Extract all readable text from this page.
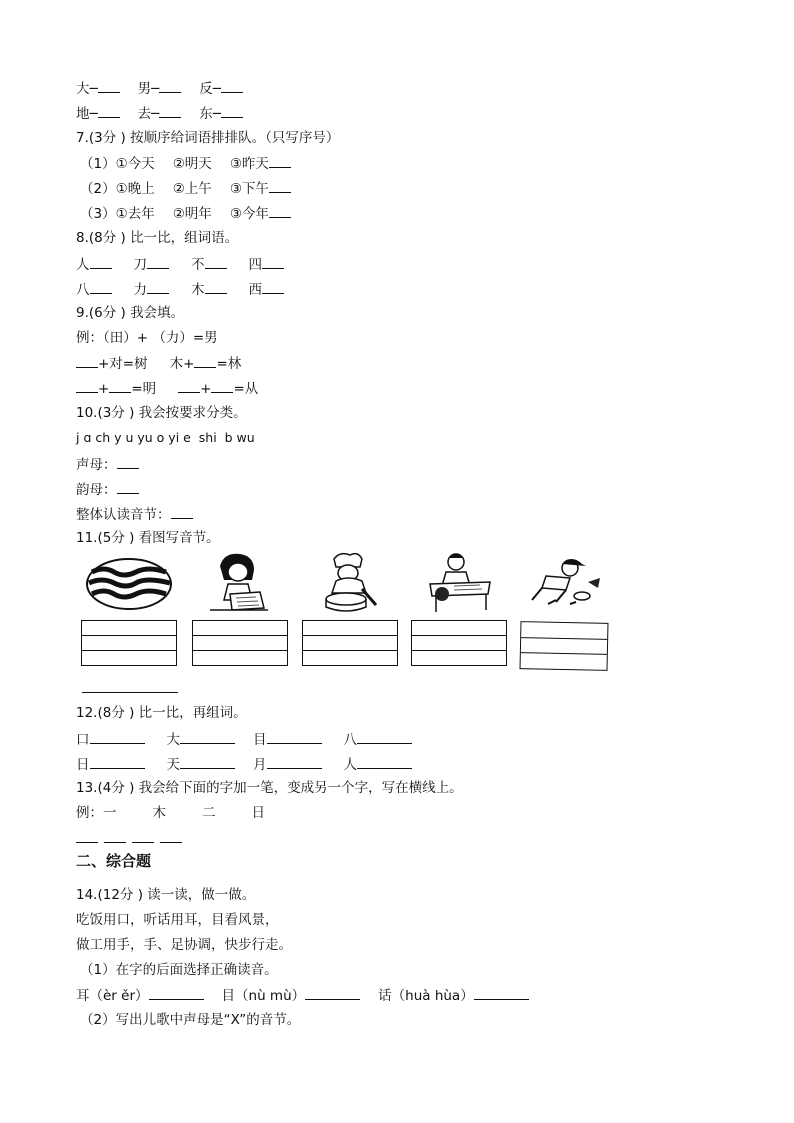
大─	男─	反─
地─	去─	东─
7.(3分 ) 按顺序给词语排排队。（只写序号）
（1）①今天 ②明天 ③昨天
（2）①晚上 ②上午 ③下午
（3）①去年 ②明年 ③今年
8.(8分 ) 比一比，组词语。
人	刀	不	四
八	力	木	西
9.(6分 ) 我会填。
例：（田）+ （力）=男
+对=树 木+ =林
+ =明	+ =从
10.(3分 ) 我会按要求分类。
j ɑ ch y u yu o yi e  shi  b wu
声母：
韵母：
整体认读音节：
11.(5分 ) 看图写音节。
12.(8分 ) 比一比，再组词。
口	大	目	八
日	天	月	人
13.(4分 ) 我会给下面的字加一笔，变成另一个字，写在横线上。
例：一	木	二	日
二、综合题
14.(12分 ) 读一读，做一做。
吃饭用口，听话用耳，目看风景，
做工用手，手、足协调，快步行走。
（1）在字的后面选择正确读音。
耳（èr ěr）	目（nù mù）	话（huà hùa）
（2）写出儿歌中声母是“X”的音节。
